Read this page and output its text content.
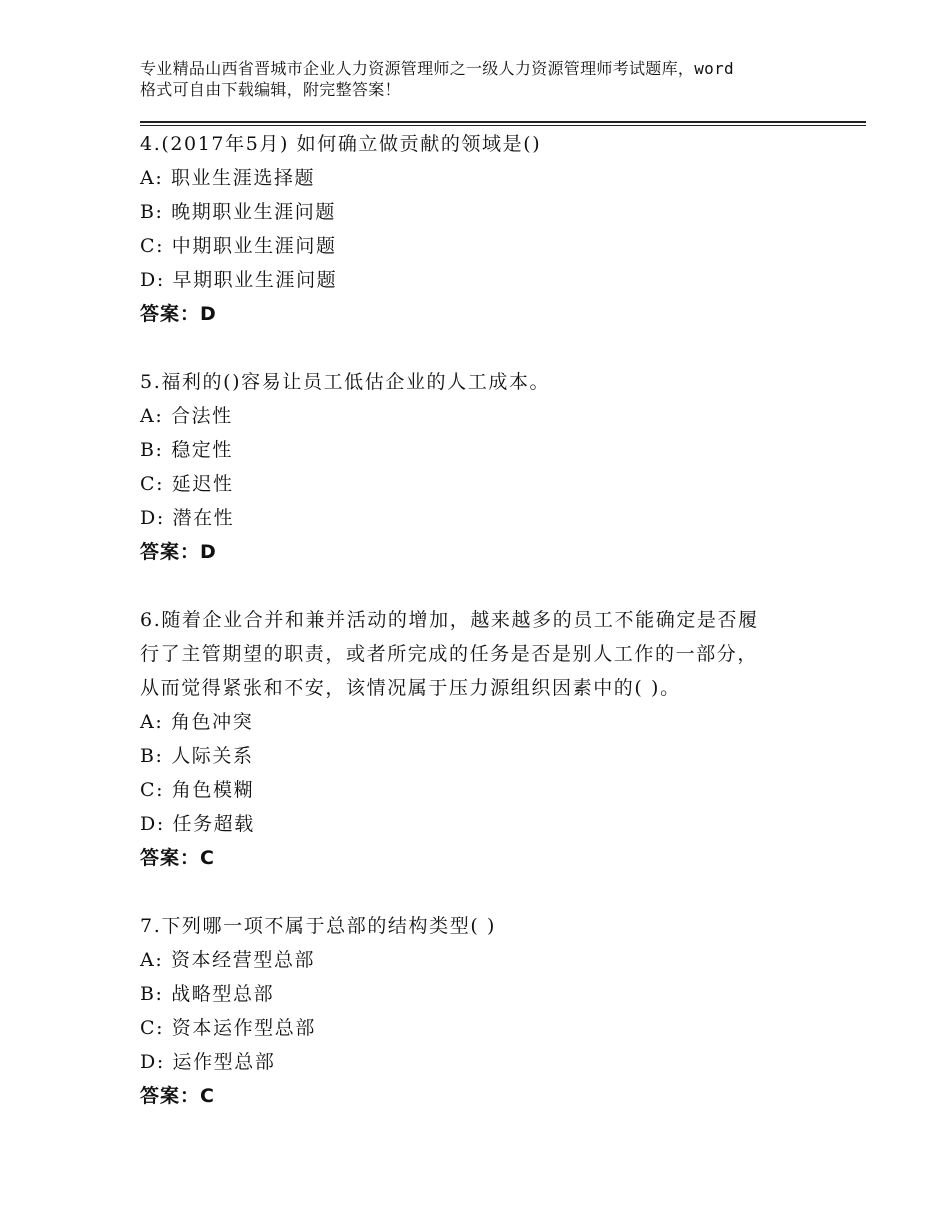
专业精品山西省晋城市企业人力资源管理师之一级人力资源管理师考试题库，word
格式可自由下载编辑，附完整答案！
4.(2017年5月) 如何确立做贡献的领域是()
A: 职业生涯选择题
B: 晚期职业生涯问题
C: 中期职业生涯问题
D: 早期职业生涯问题
答案：D
5.福利的()容易让员工低估企业的人工成本。
A: 合法性
B: 稳定性
C: 延迟性
D: 潜在性
答案：D
6.随着企业合并和兼并活动的增加，越来越多的员工不能确定是否履
行了主管期望的职责，或者所完成的任务是否是别人工作的一部分，
从而觉得紧张和不安，该情况属于压力源组织因素中的( )。
A: 角色冲突
B: 人际关系
C: 角色模糊
D: 任务超载
答案：C
7.下列哪一项不属于总部的结构类型( )
A: 资本经营型总部
B: 战略型总部
C: 资本运作型总部
D: 运作型总部
答案：C
